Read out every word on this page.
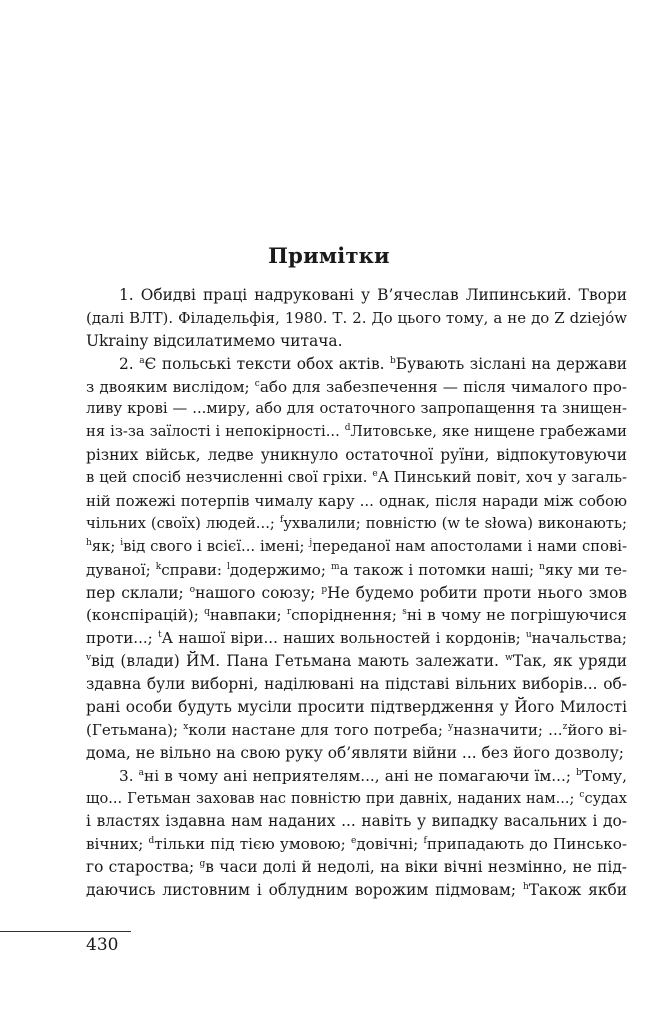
Примітки
1. Обидві праці надруковані у В’ячеслав Липинський. Твори
(далі ВЛТ). Філадельфія, 1980. Т. 2. До цього тому, а не до Z dziejów
Ukrainy відсилатимемо читача.
2. $^a$Є польські тексти обох актів. $^b$Бувають зіслані на держави
з двояким вислідом; $^c$або для забезпечення — після чималого про-
ливу крові — ...миру, або для остаточного запропащення та знищен-
ня із-за заїлості і непокірності... $^d$Литовське, яке нищене грабежами
різних військ, ледве уникнуло остаточної руїни, відпокутовуючи
в цей спосіб незчисленні свої гріхи. $^e$А Пинський повіт, хоч у загаль-
ній пожежі потерпів чималу кару ... однак, після наради між собою
чільних (своїх) людей...; $^f$ухвалили; повністю (w te słowa) виконають;
$^h$як; $^i$від свого і всієї... імені; $^j$переданої нам апостолами і нами спові-
дуваної; $^k$справи: $^l$додержимо; $^m$а також і потомки наші; $^n$яку ми те-
пер склали; $^o$нашого союзу; $^p$Не будемо робити проти нього змов
(конспірацій); $^q$навпаки; $^r$споріднення; $^s$ні в чому не погрішуючися
проти...; $^t$А нашої віри... наших вольностей і кордонів; $^u$начальства;
$^v$від (влади) ЙМ. Пана Гетьмана мають залежати. $^w$Так, як уряди
здавна були виборні, наділювані на підставі вільних виборів... об-
рані особи будуть мусіли просити підтвердження у Його Милості
(Гетьмана); $^x$коли настане для того потреба; $^y$назначити; ...$^z$його ві-
дома, не вільно на свою руку об’являти війни ... без його дозволу;
3. $^a$ні в чому ані неприятелям..., ані не помагаючи їм...; $^b$Тому,
що... Гетьман заховав нас повністю при давніх, наданих нам...; $^c$судах
і властях іздавна нам наданих ... навіть у випадку васальних і до-
вічних; $^d$тільки під тією умовою; $^e$довічні; $^f$припадають до Пинсько-
го староства; $^g$в часи долі й недолі, на віки вічні незмінно, не під-
даючись листовним і облудним ворожим підмовам; $^h$Також якби
430
